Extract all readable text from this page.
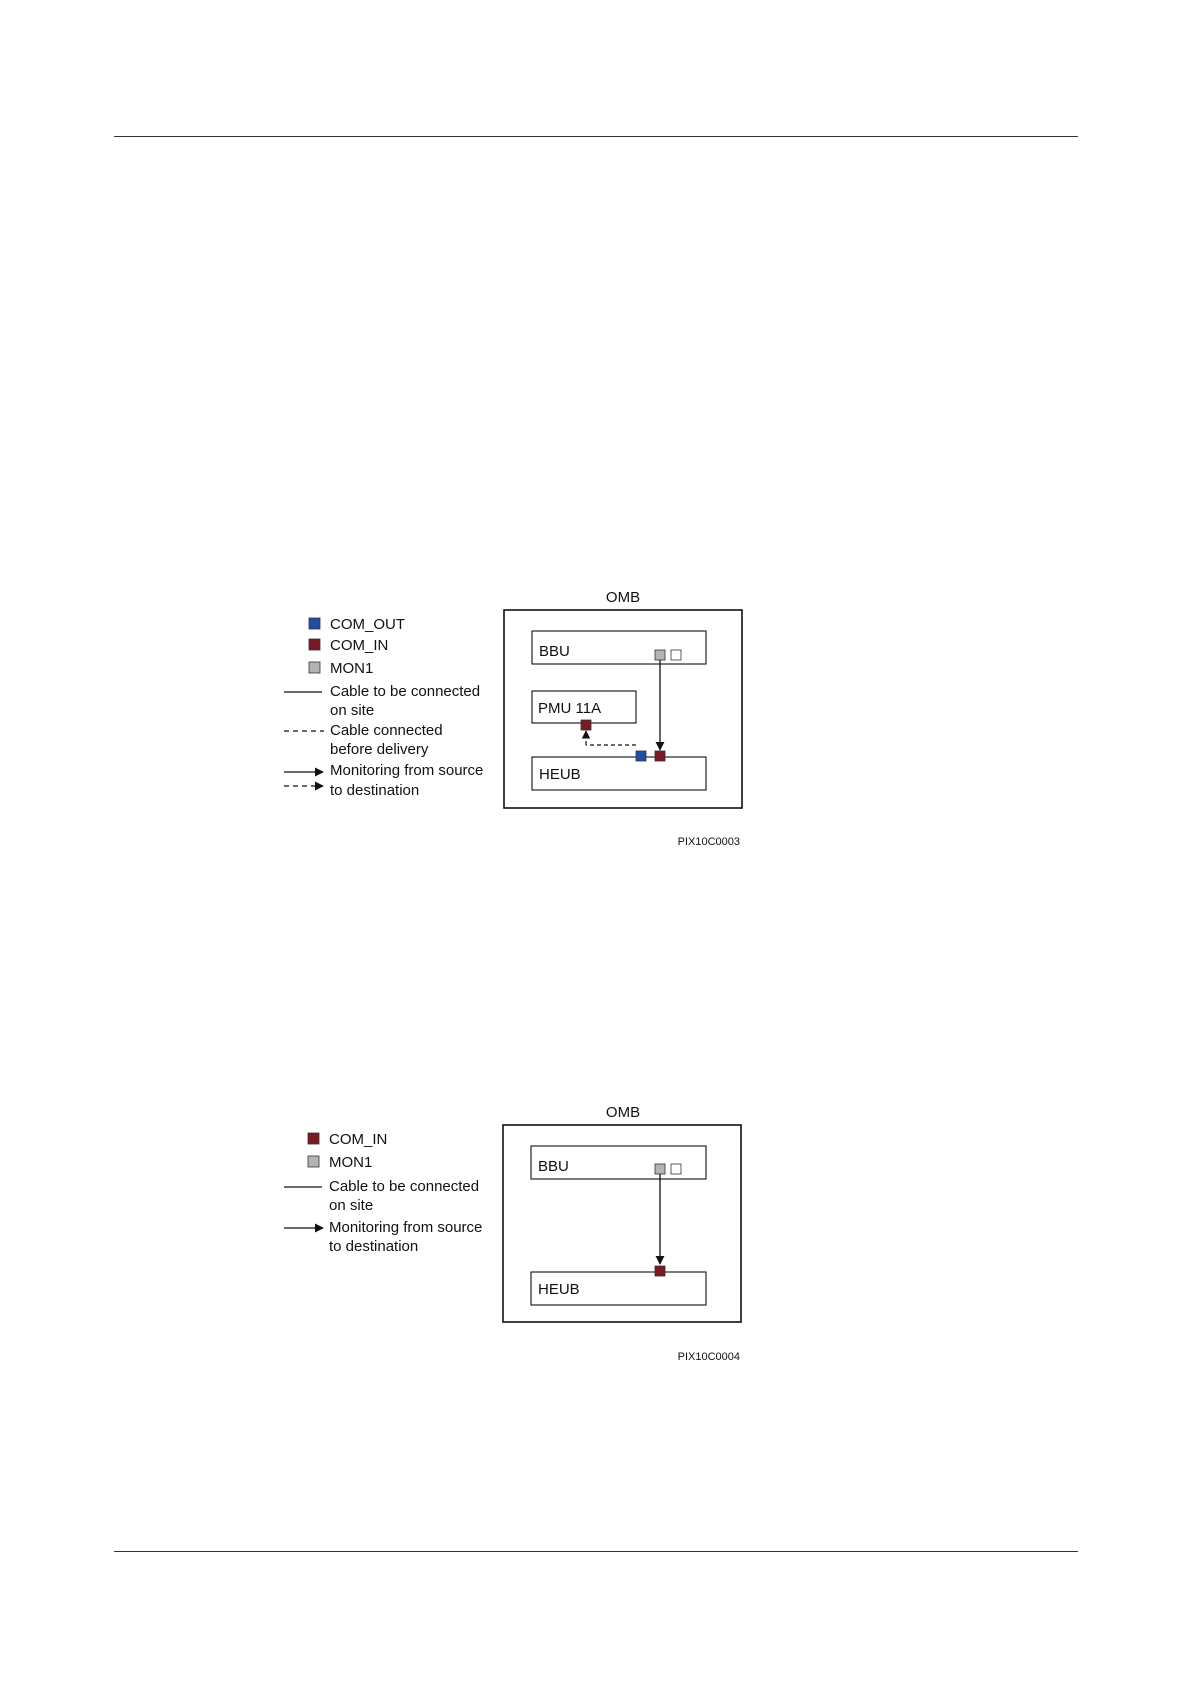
COM_OUT
COM_IN
MON1
Cable to be connected
on site
Cable connected
before delivery
Monitoring from source
to destination
OMB
BBU
PMU 11A
HEUB
PIX10C0003
COM_IN
MON1
Cable to be connected
on site
Monitoring from source
to destination
OMB
BBU
HEUB
PIX10C0004
